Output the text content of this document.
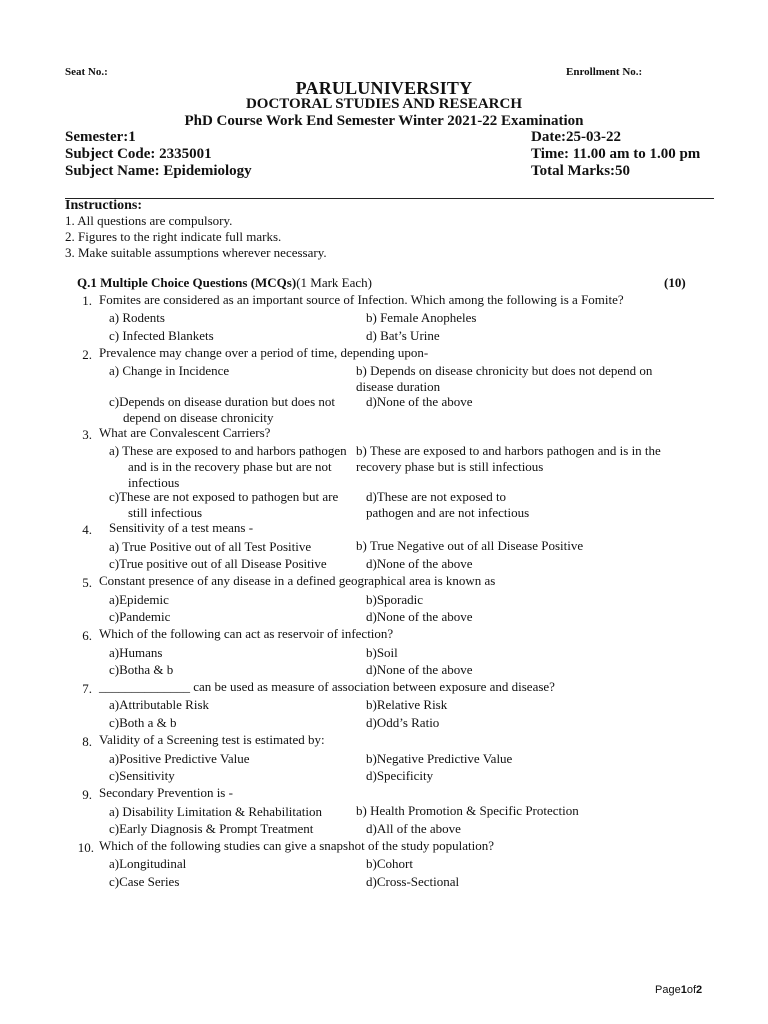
Seat No.:	Enrollment No.:
PARULUNIVERSITY
DOCTORAL STUDIES AND RESEARCH
PhD Course Work End Semester Winter 2021-22 Examination
Semester:1	Date:25-03-22
Subject Code: 2335001	Time: 11.00 am to 1.00 pm
Subject Name: Epidemiology	Total Marks:50
Instructions:
1. All questions are compulsory.
2. Figures to the right indicate full marks.
3. Make suitable assumptions wherever necessary.
Q.1 Multiple Choice Questions (MCQs)(1 Mark Each)	(10)
1. Fomites are considered as an important source of Infection. Which among the following is a Fomite?
a) Rodents	b) Female Anopheles
c) Infected Blankets	d) Bat’s Urine
2. Prevalence may change over a period of time, depending upon-
a) Change in Incidence	b) Depends on disease chronicity but does not depend on disease duration
c)Depends on disease duration but does not depend on disease chronicity
d)None of the above
3. What are Convalescent Carriers?
a) These are exposed to and harbors pathogen and is in the recovery phase but are not infectious
b) These are exposed to and harbors pathogen and is in the recovery phase but is still infectious
c)These are not exposed to pathogen but are still infectious
d)These are not exposed to pathogen and are not infectious
4. Sensitivity of a test means -
a) True Positive out of all Test Positive	b) True Negative out of all Disease Positive
c)True positive out of all Disease Positive	d)None of the above
5. Constant presence of any disease in a defined geographical area is known as
a)Epidemic	b)Sporadic
c)Pandemic	d)None of the above
6. Which of the following can act as reservoir of infection?
a)Humans	b)Soil
c)Botha & b	d)None of the above
7. ______________ can be used as measure of association between exposure and disease?
a)Attributable Risk	b)Relative Risk
c)Both a & b	d)Odd’s Ratio
8. Validity of a Screening test is estimated by:
a)Positive Predictive Value	b)Negative Predictive Value
c)Sensitivity	d)Specificity
9. Secondary Prevention is -
a) Disability Limitation & Rehabilitation	b) Health Promotion & Specific Protection
c)Early Diagnosis & Prompt Treatment	d)All of the above
10. Which of the following studies can give a snapshot of the study population?
a)Longitudinal	b)Cohort
c)Case Series	d)Cross-Sectional
Page1of2
